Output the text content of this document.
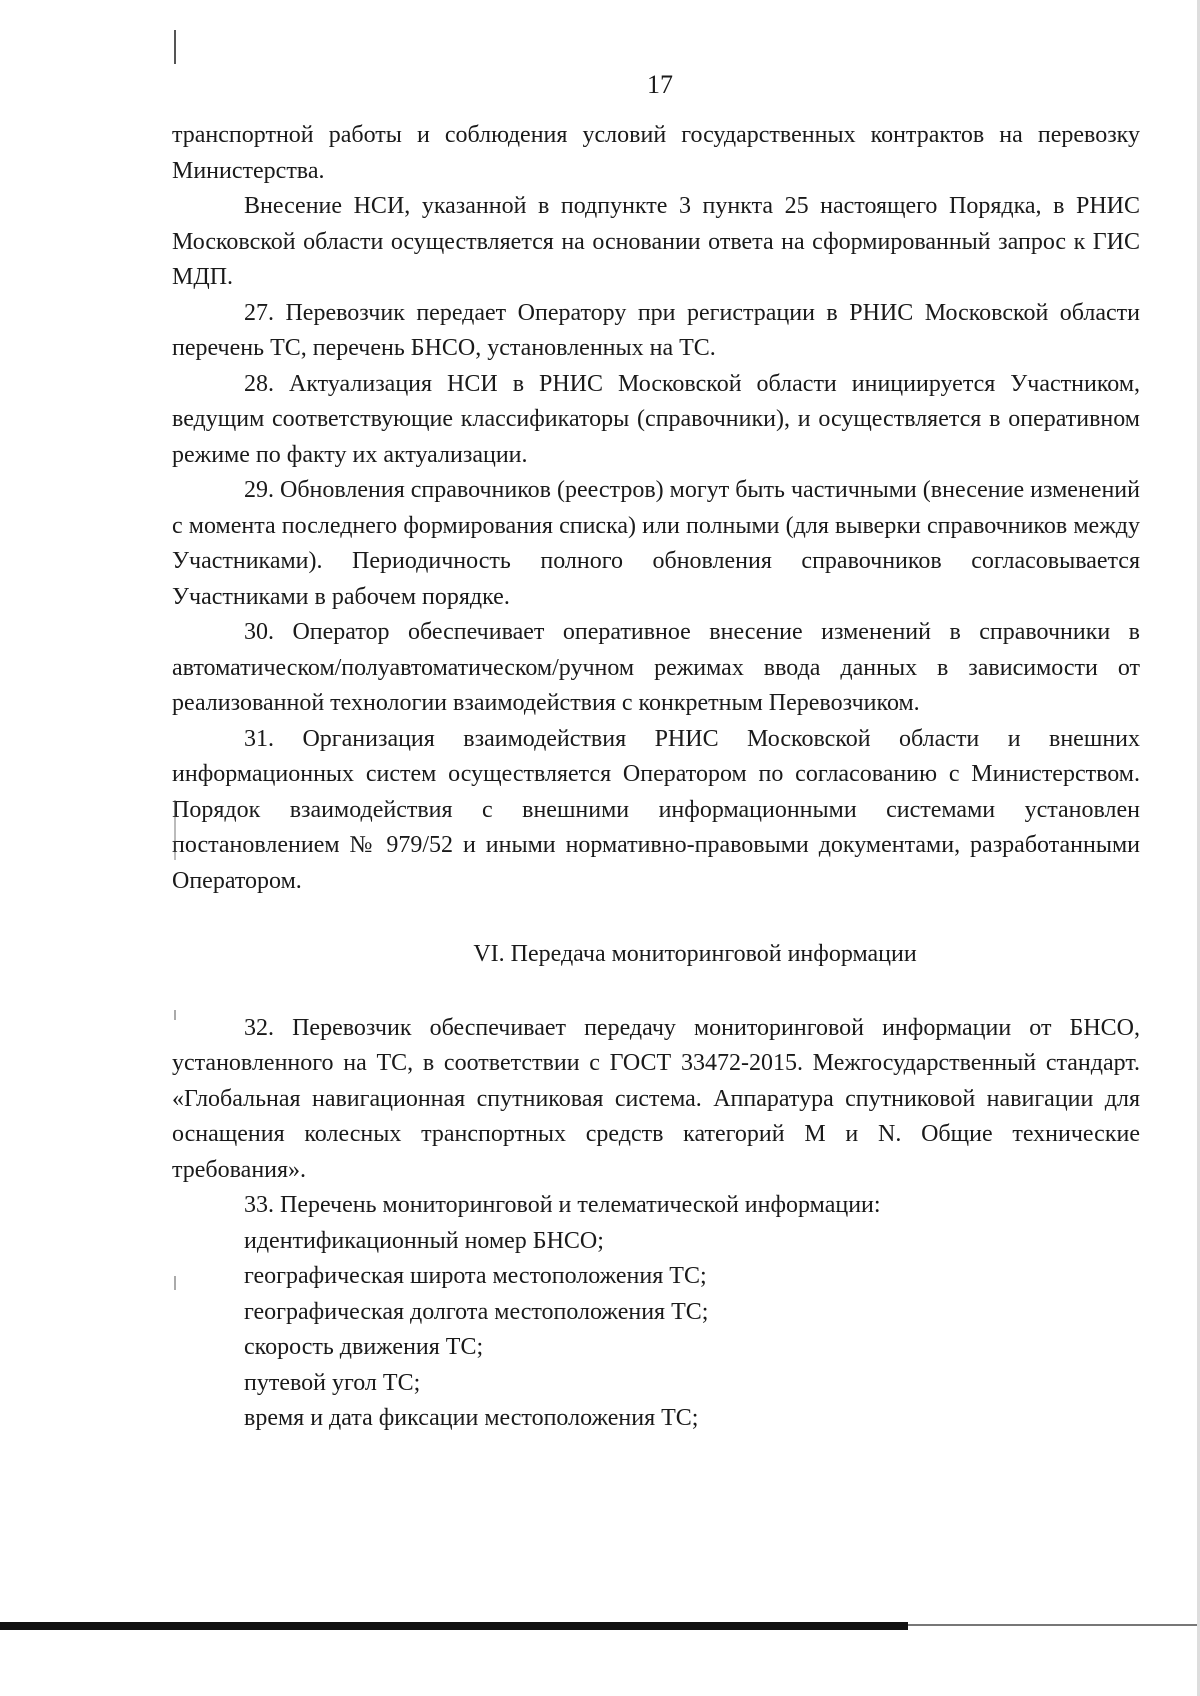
17

транспортной работы и соблюдения условий государственных контрактов на перевозку Министерства.

Внесение НСИ, указанной в подпункте 3 пункта 25 настоящего Порядка, в РНИС Московской области осуществляется на основании ответа на сформированный запрос к ГИС МДП.

27. Перевозчик передает Оператору при регистрации в РНИС Московской области перечень ТС, перечень БНСО, установленных на ТС.

28. Актуализация НСИ в РНИС Московской области инициируется Участником, ведущим соответствующие классификаторы (справочники), и осуществляется в оперативном режиме по факту их актуализации.

29. Обновления справочников (реестров) могут быть частичными (внесение изменений с момента последнего формирования списка) или полными (для выверки справочников между Участниками). Периодичность полного обновления справочников согласовывается Участниками в рабочем порядке.

30. Оператор обеспечивает оперативное внесение изменений в справочники в автоматическом/полуавтоматическом/ручном режимах ввода данных в зависимости от реализованной технологии взаимодействия с конкретным Перевозчиком.

31. Организация взаимодействия РНИС Московской области и внешних информационных систем осуществляется Оператором по согласованию с Министерством. Порядок взаимодействия с внешними информационными системами установлен постановлением № 979/52 и иными нормативно-правовыми документами, разработанными Оператором.

VI. Передача мониторинговой информации

32. Перевозчик обеспечивает передачу мониторинговой информации от БНСО, установленного на ТС, в соответствии с ГОСТ 33472-2015. Межгосударственный стандарт. «Глобальная навигационная спутниковая система. Аппаратура спутниковой навигации для оснащения колесных транспортных средств категорий М и N. Общие технические требования».

33. Перечень мониторинговой и телематической информации:

идентификационный номер БНСО;

географическая широта местоположения ТС;

географическая долгота местоположения ТС;

скорость движения ТС;

путевой угол ТС;

время и дата фиксации местоположения ТС;
